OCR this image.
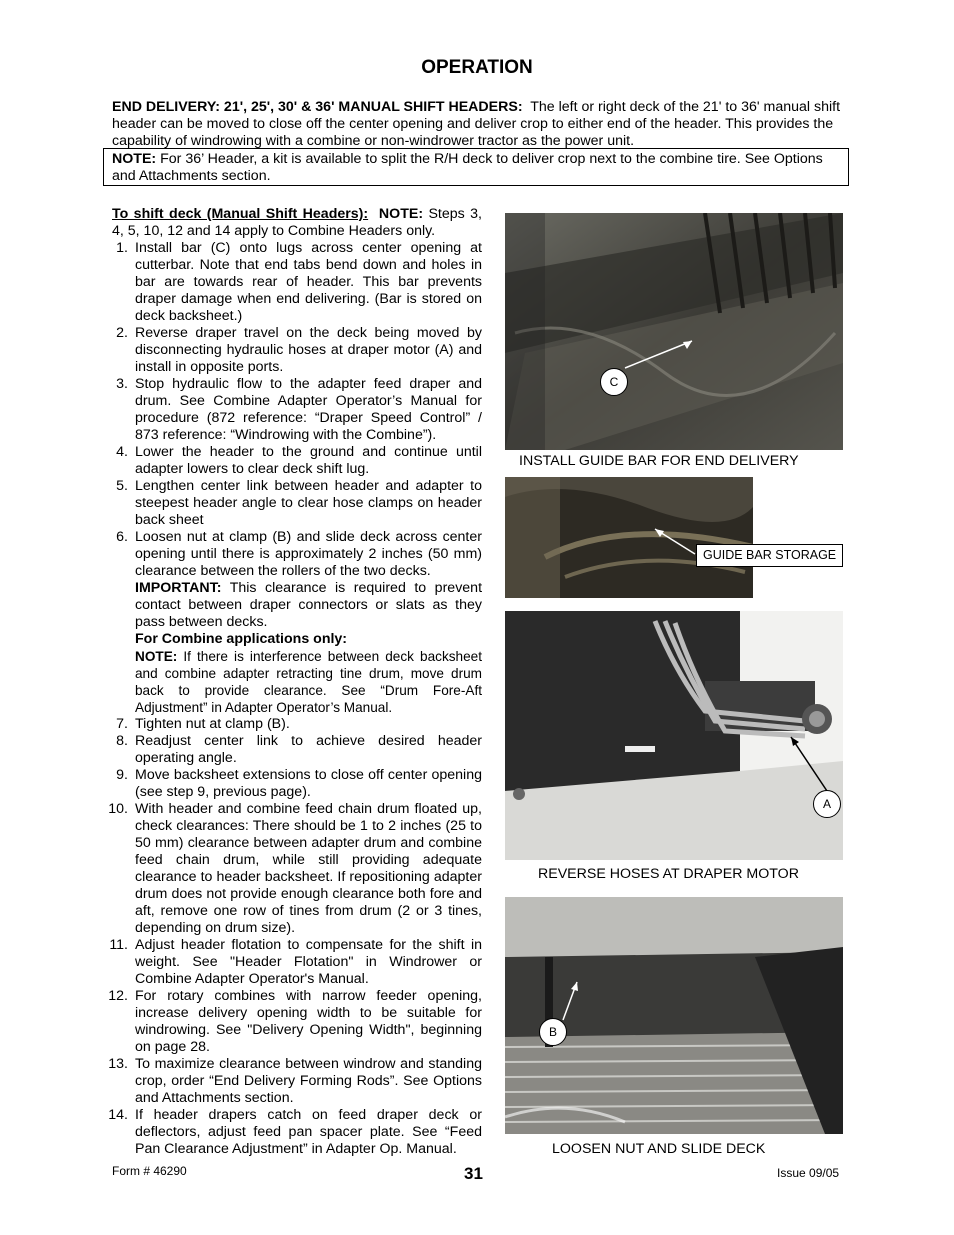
OPERATION
END DELIVERY: 21', 25', 30' & 36' MANUAL SHIFT HEADERS: The left or right deck of the 21' to 36' manual shift header can be moved to close off the center opening and deliver crop to either end of the header. This provides the capability of windrowing with a combine or non-windrower tractor as the power unit.
NOTE: For 36’ Header, a kit is available to split the R/H deck to deliver crop next to the combine tire. See Options and Attachments section.

To shift deck (Manual Shift Headers): NOTE: Steps 3, 4, 5, 10, 12 and 14 apply to Combine Headers only.

1. Install bar (C) onto lugs across center opening at cutterbar. Note that end tabs bend down and holes in bar are towards rear of header. This bar prevents draper damage when end delivering. (Bar is stored on deck backsheet.)
2. Reverse draper travel on the deck being moved by disconnecting hydraulic hoses at draper motor (A) and install in opposite ports.
3. Stop hydraulic flow to the adapter feed draper and drum. See Combine Adapter Operator’s Manual for procedure (872 reference: “Draper Speed Control” / 873 reference: “Windrowing with the Combine”).
4. Lower the header to the ground and continue until adapter lowers to clear deck shift lug.
5. Lengthen center link between header and adapter to steepest header angle to clear hose clamps on header back sheet
6. Loosen nut at clamp (B) and slide deck across center opening until there is approximately 2 inches (50 mm) clearance between the rollers of the two decks.
IMPORTANT: This clearance is required to prevent contact between draper connectors or slats as they pass between decks.
For Combine applications only:
NOTE: If there is interference between deck backsheet and combine adapter retracting tine drum, move drum back to provide clearance. See “Drum Fore-Aft Adjustment” in Adapter Operator’s Manual.
7. Tighten nut at clamp (B).
8. Readjust center link to achieve desired header operating angle.
9. Move backsheet extensions to close off center opening (see step 9, previous page).
10. With header and combine feed chain drum floated up, check clearances: There should be 1 to 2 inches (25 to 50 mm) clearance between adapter drum and combine feed chain drum, while still providing adequate clearance to header backsheet. If repositioning adapter drum does not provide enough clearance both fore and aft, remove one row of tines from drum (2 or 3 tines, depending on drum size).
11. Adjust header flotation to compensate for the shift in weight. See "Header Flotation" in Windrower or Combine Adapter Operator's Manual.
12. For rotary combines with narrow feeder opening, increase delivery opening width to be suitable for windrowing. See "Delivery Opening Width", beginning on page 28.
13. To maximize clearance between windrow and standing crop, order “End Delivery Forming Rods”. See Options and Attachments section.
14. If header drapers catch on feed draper deck or deflectors, adjust feed pan spacer plate. See “Feed Pan Clearance Adjustment” in Adapter Op. Manual.
C
INSTALL GUIDE BAR FOR END DELIVERY
GUIDE BAR STORAGE
A
REVERSE HOSES AT DRAPER MOTOR
B
LOOSEN NUT AND SLIDE DECK
Form # 46290	31	Issue 09/05
